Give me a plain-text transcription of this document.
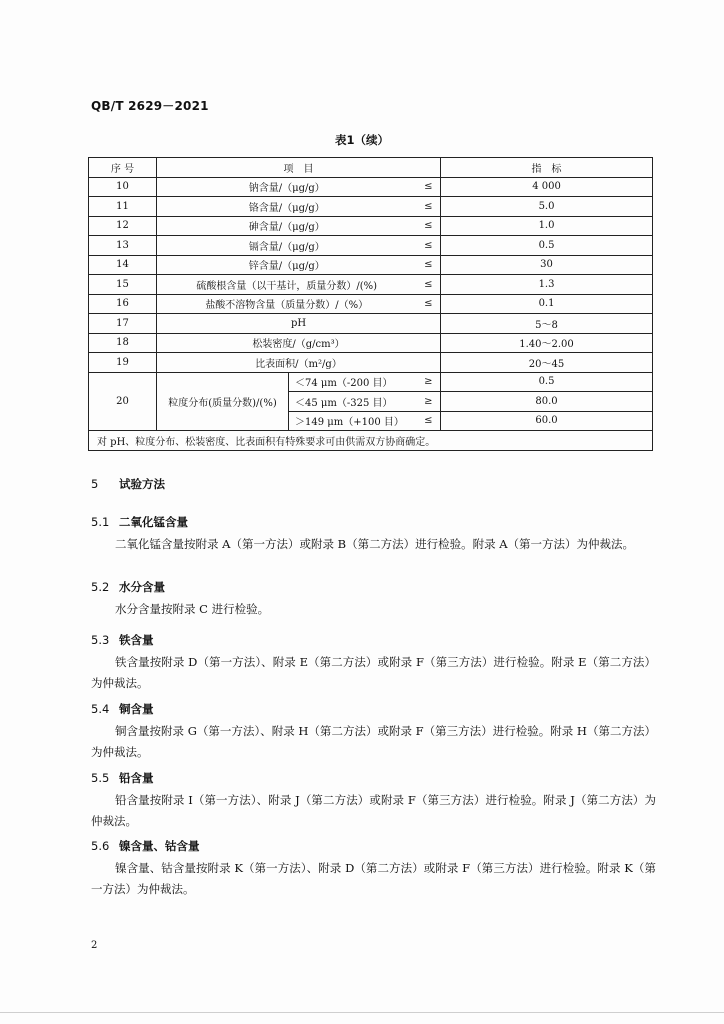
QB/T 2629－2021
表1（续）
序 号	项　目			指　标
10	钠含量/（μg/g）		≤	4 000
11	铬含量/（μg/g）		≤	5.0
12	砷含量/（μg/g）		≤	1.0
13	镉含量/（μg/g）		≤	0.5
14	锌含量/（μg/g）		≤	30
15	硫酸根含量（以干基计，质量分数）/(%)		≤	1.3
16	盐酸不溶物含量（质量分数）/（%）		≤	0.1
17	pH			5～8
18	松装密度/（g/cm³）			1.40～2.00
19	比表面积/（m²/g）			20～45
20	粒度分布(质量分数)/(%)	＜74 μm（-200 目）	≥	0.5
		＜45 μm（-325 目）	≥	80.0
		＞149 μm（+100 目）	≤	60.0
对 pH、粒度分布、松装密度、比表面积有特殊要求可由供需双方协商确定。				
5 试验方法
5.1 二氧化锰含量
二氧化锰含量按附录 A（第一方法）或附录 B（第二方法）进行检验。附录 A（第一方法）为仲裁法。
5.2 水分含量
水分含量按附录 C 进行检验。
5.3 铁含量
铁含量按附录 D（第一方法）、附录 E（第二方法）或附录 F（第三方法）进行检验。附录 E（第二方法）为仲裁法。
5.4 铜含量
铜含量按附录 G（第一方法）、附录 H（第二方法）或附录 F（第三方法）进行检验。附录 H（第二方法）为仲裁法。
5.5 铅含量
铅含量按附录 I（第一方法）、附录 J（第二方法）或附录 F（第三方法）进行检验。附录 J（第二方法）为仲裁法。
5.6 镍含量、钴含量
镍含量、钴含量按附录 K（第一方法）、附录 D（第二方法）或附录 F（第三方法）进行检验。附录 K（第一方法）为仲裁法。
2
